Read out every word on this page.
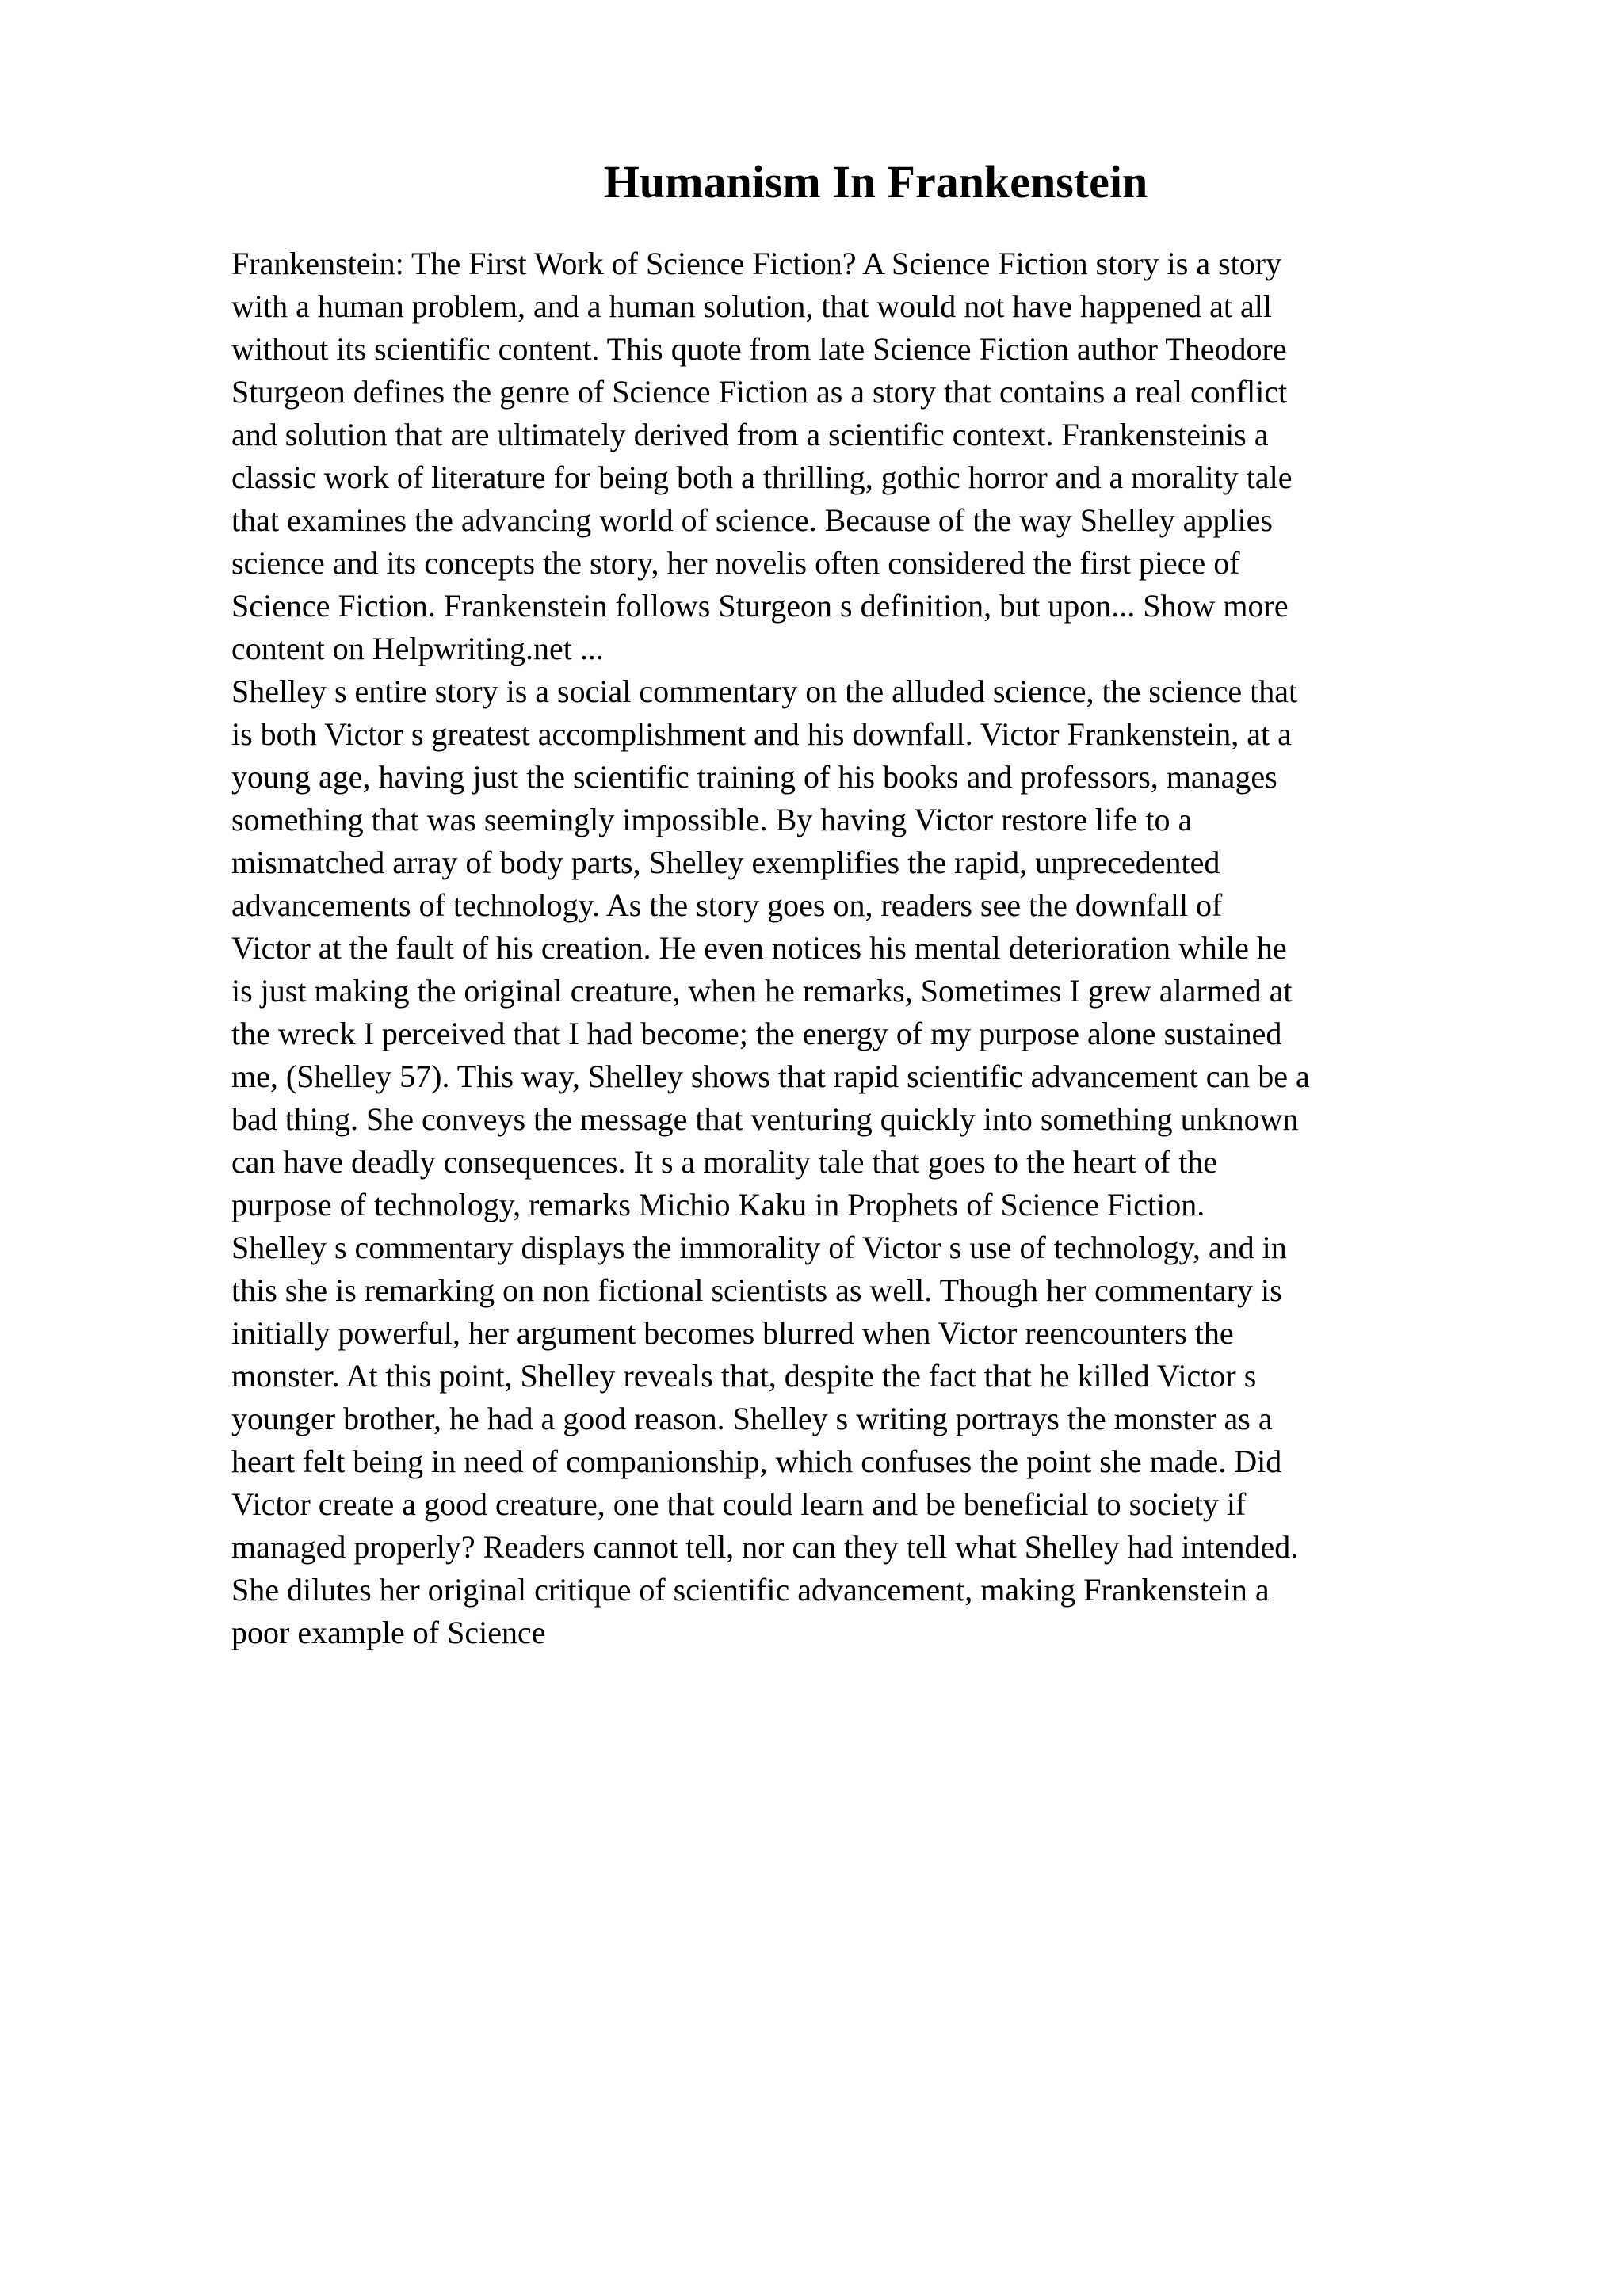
Humanism In Frankenstein

Frankenstein: The First Work of Science Fiction? A Science Fiction story is a story
with a human problem, and a human solution, that would not have happened at all
without its scientific content. This quote from late Science Fiction author Theodore
Sturgeon defines the genre of Science Fiction as a story that contains a real conflict
and solution that are ultimately derived from a scientific context. Frankensteinis a
classic work of literature for being both a thrilling, gothic horror and a morality tale
that examines the advancing world of science. Because of the way Shelley applies
science and its concepts the story, her novelis often considered the first piece of
Science Fiction. Frankenstein follows Sturgeon s definition, but upon... Show more
content on Helpwriting.net ...

Shelley s entire story is a social commentary on the alluded science, the science that
is both Victor s greatest accomplishment and his downfall. Victor Frankenstein, at a
young age, having just the scientific training of his books and professors, manages
something that was seemingly impossible. By having Victor restore life to a
mismatched array of body parts, Shelley exemplifies the rapid, unprecedented
advancements of technology. As the story goes on, readers see the downfall of
Victor at the fault of his creation. He even notices his mental deterioration while he
is just making the original creature, when he remarks, Sometimes I grew alarmed at
the wreck I perceived that I had become; the energy of my purpose alone sustained
me, (Shelley 57). This way, Shelley shows that rapid scientific advancement can be a
bad thing. She conveys the message that venturing quickly into something unknown
can have deadly consequences. It s a morality tale that goes to the heart of the
purpose of technology, remarks Michio Kaku in Prophets of Science Fiction.
Shelley s commentary displays the immorality of Victor s use of technology, and in
this she is remarking on non fictional scientists as well. Though her commentary is
initially powerful, her argument becomes blurred when Victor reencounters the
monster. At this point, Shelley reveals that, despite the fact that he killed Victor s
younger brother, he had a good reason. Shelley s writing portrays the monster as a
heart felt being in need of companionship, which confuses the point she made. Did
Victor create a good creature, one that could learn and be beneficial to society if
managed properly? Readers cannot tell, nor can they tell what Shelley had intended.
She dilutes her original critique of scientific advancement, making Frankenstein a
poor example of Science
